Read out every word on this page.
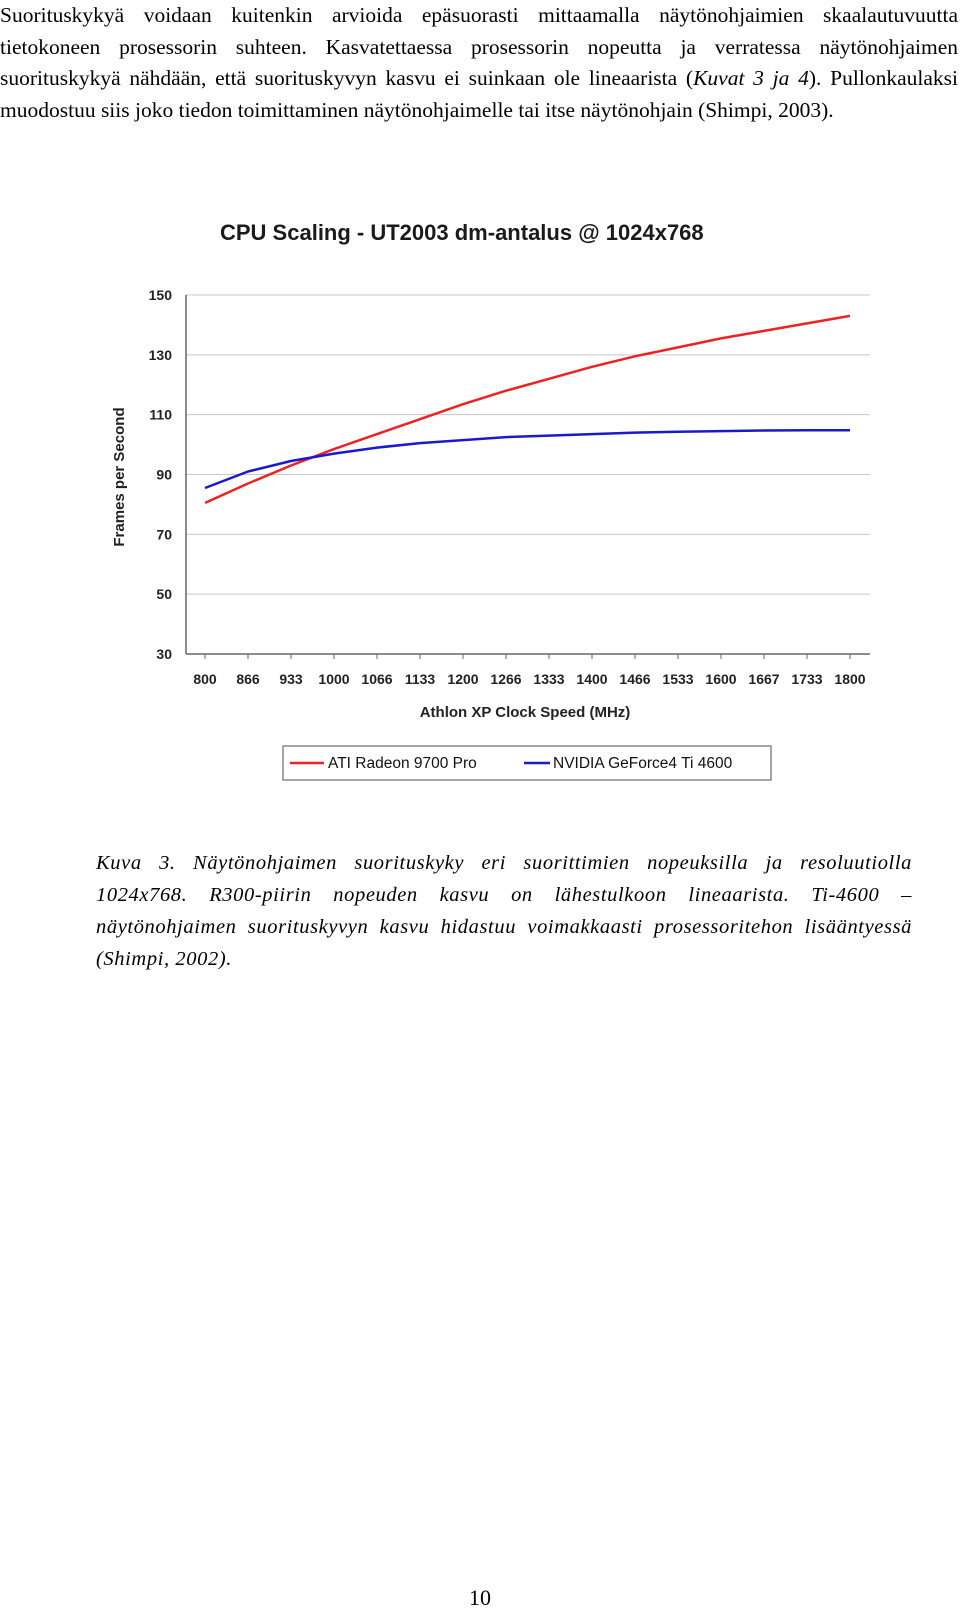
Suorituskykyä voidaan kuitenkin arvioida epäsuorasti mittaamalla näytönohjaimien skaalautuvuutta tietokoneen prosessorin suhteen. Kasvatettaessa prosessorin nopeutta ja verratessa näytönohjaimen suorituskykyä nähdään, että suorituskyvyn kasvu ei suinkaan ole lineaarista (Kuvat 3 ja 4). Pullonkaulaksi muodostuu siis joko tiedon toimittaminen näytönohjaimelle tai itse näytönohjain (Shimpi, 2003).

CPU Scaling - UT2003 dm-antalus @ 1024x768
30
50
70
90
110
130
150
800 866 933 1000 1066 1133 1200 1266 1333 1400 1466 1533 1600 1667 1733 1800
Frames per Second
Athlon XP Clock Speed (MHz)
ATI Radeon 9700 Pro	NVIDIA GeForce4 Ti 4600

Kuva 3. Näytönohjaimen suorituskyky eri suorittimien nopeuksilla ja resoluutiolla 1024x768. R300-piirin nopeuden kasvu on lähestulkoon lineaarista. Ti-4600 –näytönohjaimen suorituskyvyn kasvu hidastuu voimakkaasti prosessoritehon lisääntyessä (Shimpi, 2002).

10
